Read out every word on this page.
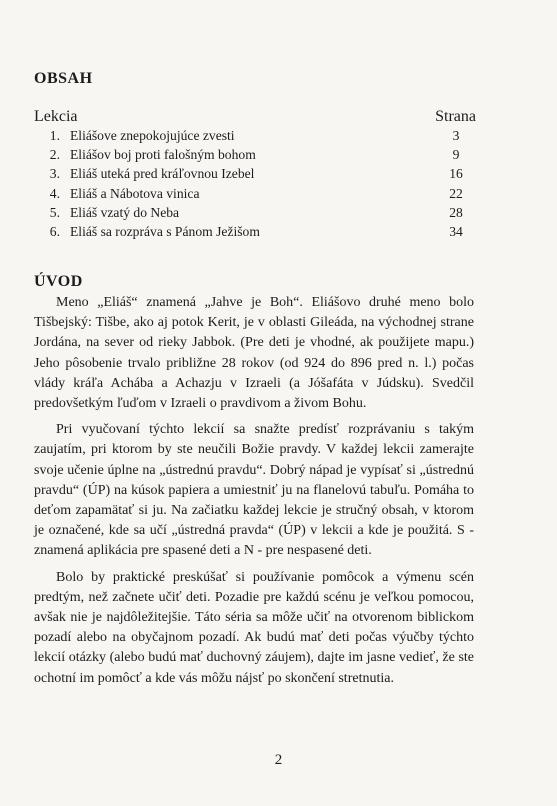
OBSAH
Lekcia	Strana
1. Eliášove znepokojujúce zvesti	3
2. Eliášov boj proti falošným bohom	9
3. Eliáš uteká pred kráľovnou Izebel	16
4. Eliáš a Nábotova vinica	22
5. Eliáš vzatý do Neba	28
6. Eliáš sa rozpráva s Pánom Ježišom	34
ÚVOD

Meno „Eliáš“ znamená „Jahve je Boh“. Eliášovo druhé meno bolo Tišbejský: Tišbe, ako aj potok Kerit, je v oblasti Gileáda, na východnej strane Jordána, na sever od rieky Jabbok. (Pre deti je vhodné, ak použijete mapu.) Jeho pôsobenie trvalo približne 28 rokov (od 924 do 896 pred n. l.) počas vlády kráľa Achába a Achazju v Izraeli (a Jóšafáta v Júdsku). Svedčil predovšetkým ľuďom v Izraeli o pravdivom a živom Bohu.

Pri vyučovaní týchto lekcií sa snažte predísť rozprávaniu s takým zaujatím, pri ktorom by ste neučili Božie pravdy. V každej lekcii zamerajte svoje učenie úplne na „ústrednú pravdu“. Dobrý nápad je vypísať si „ústrednú pravdu“ (ÚP) na kúsok papiera a umiestniť ju na flanelovú tabuľu. Pomáha to deťom zapamätať si ju. Na začiatku každej lekcie je stručný obsah, v ktorom je označené, kde sa učí „ústredná pravda“ (ÚP) v lekcii a kde je použitá. S - znamená aplikácia pre spasené deti a N - pre nespasené deti.

Bolo by praktické preskúšať si používanie pomôcok a výmenu scén predtým, než začnete učiť deti. Pozadie pre každú scénu je veľkou pomocou, avšak nie je najdôležitejšie. Táto séria sa môže učiť na otvorenom biblickom pozadí alebo na obyčajnom pozadí. Ak budú mať deti počas výučby týchto lekcií otázky (alebo budú mať duchovný záujem), dajte im jasne vedieť, že ste ochotní im pomôcť a kde vás môžu nájsť po skončení stretnutia.

2
